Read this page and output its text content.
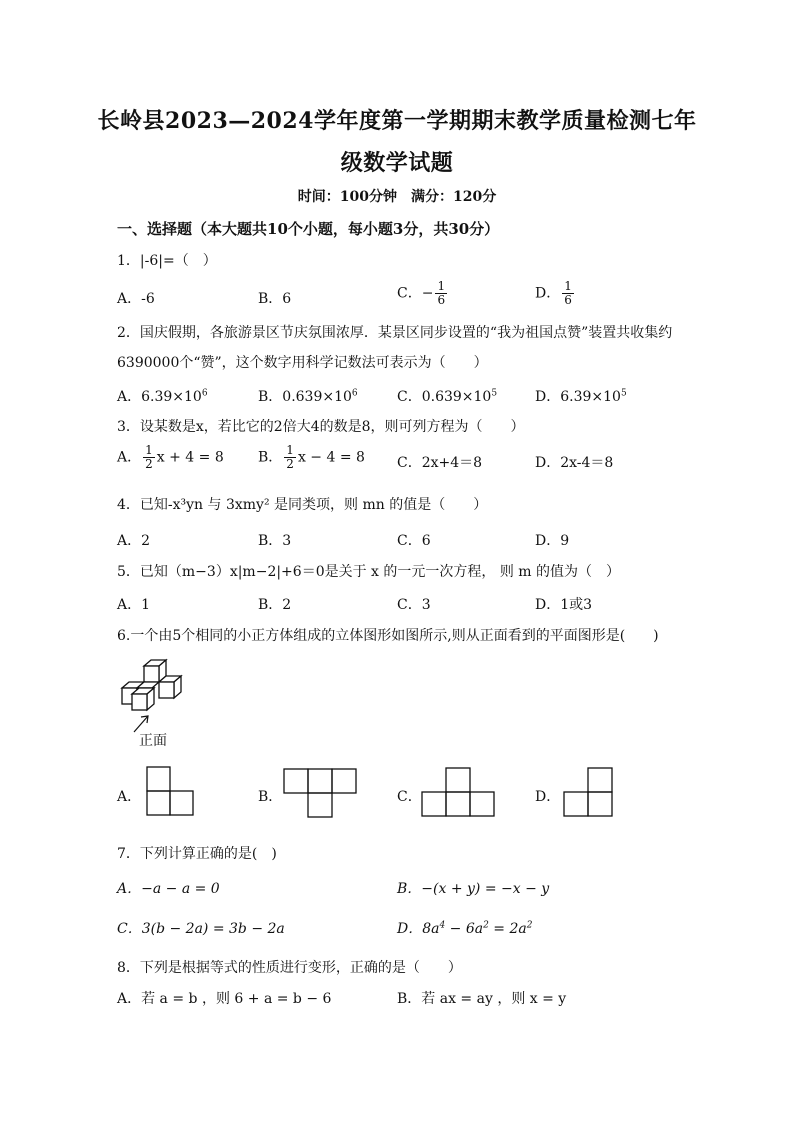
长岭县2023—2024学年度第一学期期末教学质量检测七年
级数学试题
时间：100分钟　满分：120分
一、选择题（本大题共10个小题，每小题3分，共30分）
1．|-6|=（　）
A．-6	B．6	C．− $\frac{1}{6}$	D． $\frac{1}{6}$
2．国庆假期，各旅游景区节庆氛围浓厚．某景区同步设置的“我为祖国点赞”装置共收集约
6390000个“赞”，这个数字用科学记数法可表示为（　　）
A．$6.39\times 10^6$	B．$0.639\times 10^6$	C．$0.639\times 10^5$	D．$6.39\times 10^5$
3．设某数是x，若比它的2倍大4的数是8，则可列方程为（　　）
A． $\frac{1}{2}$ x + 4 = 8 B． $\frac{1}{2}$ x − 4 = 8 C．2x+4＝8	D．2x-4＝8
4．已知-x³yn 与 3xmy² 是同类项，则 mn 的值是（　　）
A．2	B．3	C．6	D．9
5．已知（m−3）x|m−2|+6＝0是关于 x 的一元一次方程， 则 m 的值为（　）
A．1	B．2	C．3	D．1或3
6.一个由5个相同的小正方体组成的立体图形如图所示,则从正面看到的平面图形是(　　)
正面
A．	B．	C．	D．
7．下列计算正确的是(　)
A．−a − a = 0	B．−(x + y) = −x − y
C．3(b − 2a) = 3b − 2a	D．$8a^4 - 6a^2 = 2a^2$
8．下列是根据等式的性质进行变形，正确的是（　　）
A．若 a = b ，则 6 + a = b − 6	B．若 ax = ay ，则 x = y
